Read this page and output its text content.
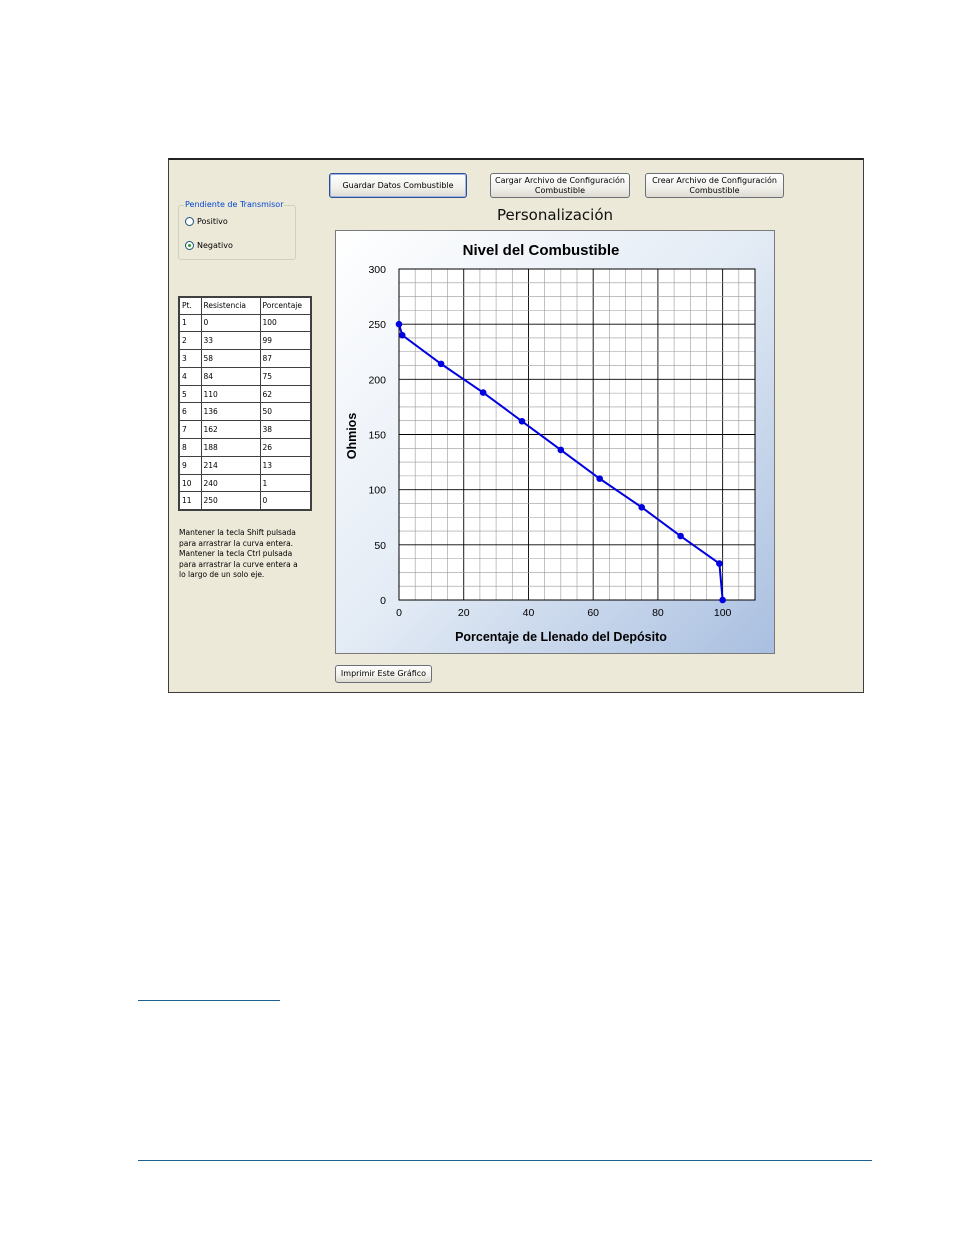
Guardar Datos Combustible
Cargar Archivo de Configuración
Combustible
Crear Archivo de Configuración
Combustible
Personalización
Pendiente de Transmisor
Positivo
Negativo
Pt.	Resistencia	Porcentaje
1	0	100
2	33	99
3	58	87
4	84	75
5	110	62
6	136	50
7	162	38
8	188	26
9	214	13
10	240	1
11	250	0
Mantener la tecla Shift pulsada para arrastrar la curva entera. Mantener la tecla Ctrl pulsada para arrastrar la curve entera a lo largo de un solo eje.
0	20	40	60	80	100
0
50
100
150
200
250
300
Nivel del Combustible
Porcentaje de Llenado del Depósito
Ohmios
Imprimir Este Gráfico
